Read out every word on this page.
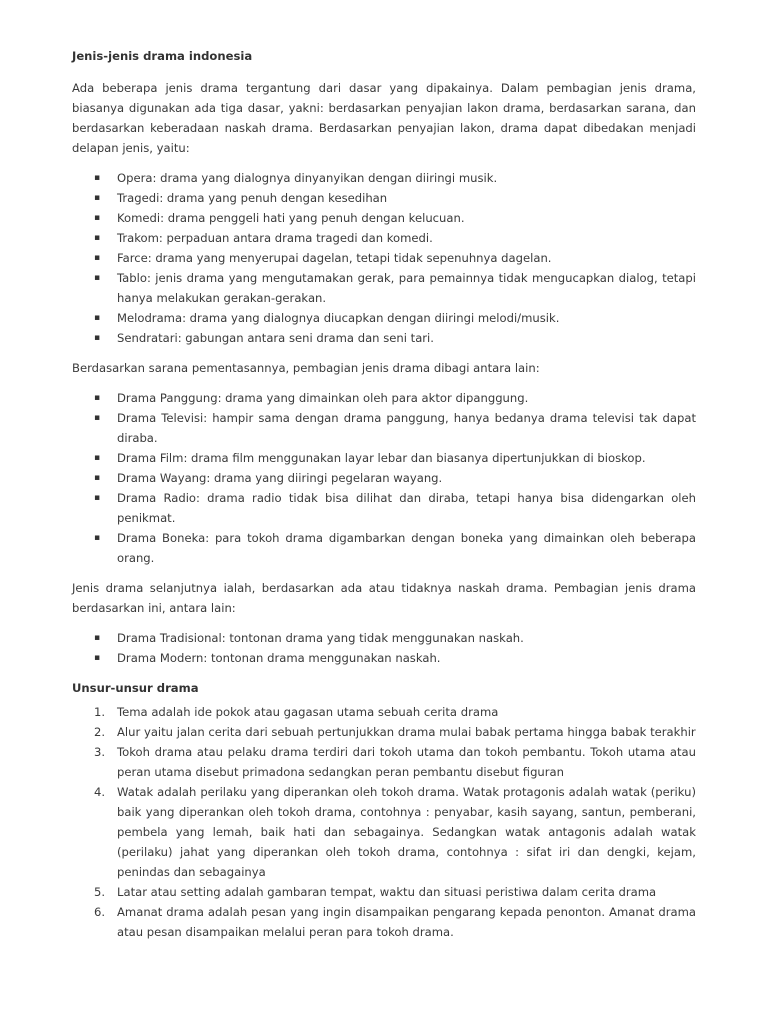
Jenis-jenis drama indonesia

Ada beberapa jenis drama tergantung dari dasar yang dipakainya. Dalam pembagian jenis drama, biasanya digunakan ada tiga dasar, yakni: berdasarkan penyajian lakon drama, berdasarkan sarana, dan berdasarkan keberadaan naskah drama. Berdasarkan penyajian lakon, drama dapat dibedakan menjadi delapan jenis, yaitu:

▪ Opera: drama yang dialognya dinyanyikan dengan diiringi musik.
▪ Tragedi: drama yang penuh dengan kesedihan
▪ Komedi: drama penggeli hati yang penuh dengan kelucuan.
▪ Trakom: perpaduan antara drama tragedi dan komedi.
▪ Farce: drama yang menyerupai dagelan, tetapi tidak sepenuhnya dagelan.
▪ Tablo: jenis drama yang mengutamakan gerak, para pemainnya tidak mengucapkan dialog, tetapi hanya melakukan gerakan-gerakan.
▪ Melodrama: drama yang dialognya diucapkan dengan diiringi melodi/musik.
▪ Sendratari: gabungan antara seni drama dan seni tari.

Berdasarkan sarana pementasannya, pembagian jenis drama dibagi antara lain:

▪ Drama Panggung: drama yang dimainkan oleh para aktor dipanggung.
▪ Drama Televisi: hampir sama dengan drama panggung, hanya bedanya drama televisi tak dapat diraba.
▪ Drama Film: drama film menggunakan layar lebar dan biasanya dipertunjukkan di bioskop.
▪ Drama Wayang: drama yang diiringi pegelaran wayang.
▪ Drama Radio: drama radio tidak bisa dilihat dan diraba, tetapi hanya bisa didengarkan oleh penikmat.
▪ Drama Boneka: para tokoh drama digambarkan dengan boneka yang dimainkan oleh beberapa orang.

Jenis drama selanjutnya ialah, berdasarkan ada atau tidaknya naskah drama. Pembagian jenis drama berdasarkan ini, antara lain:

▪ Drama Tradisional: tontonan drama yang tidak menggunakan naskah.
▪ Drama Modern: tontonan drama menggunakan naskah.
Unsur-unsur drama
1. Tema adalah ide pokok atau gagasan utama sebuah cerita drama
2. Alur yaitu jalan cerita dari sebuah pertunjukkan drama mulai babak pertama hingga babak terakhir
3. Tokoh drama atau pelaku drama terdiri dari tokoh utama dan tokoh pembantu. Tokoh utama atau peran utama disebut primadona sedangkan peran pembantu disebut figuran
4. Watak adalah perilaku yang diperankan oleh tokoh drama. Watak protagonis adalah watak (periku) baik yang diperankan oleh tokoh drama, contohnya : penyabar, kasih sayang, santun, pemberani, pembela yang lemah, baik hati dan sebagainya. Sedangkan watak antagonis adalah watak (perilaku) jahat yang diperankan oleh tokoh drama, contohnya : sifat iri dan dengki, kejam, penindas dan sebagainya
5. Latar atau setting adalah gambaran tempat, waktu dan situasi peristiwa dalam cerita drama
6. Amanat drama adalah pesan yang ingin disampaikan pengarang kepada penonton. Amanat drama atau pesan disampaikan melalui peran para tokoh drama.
